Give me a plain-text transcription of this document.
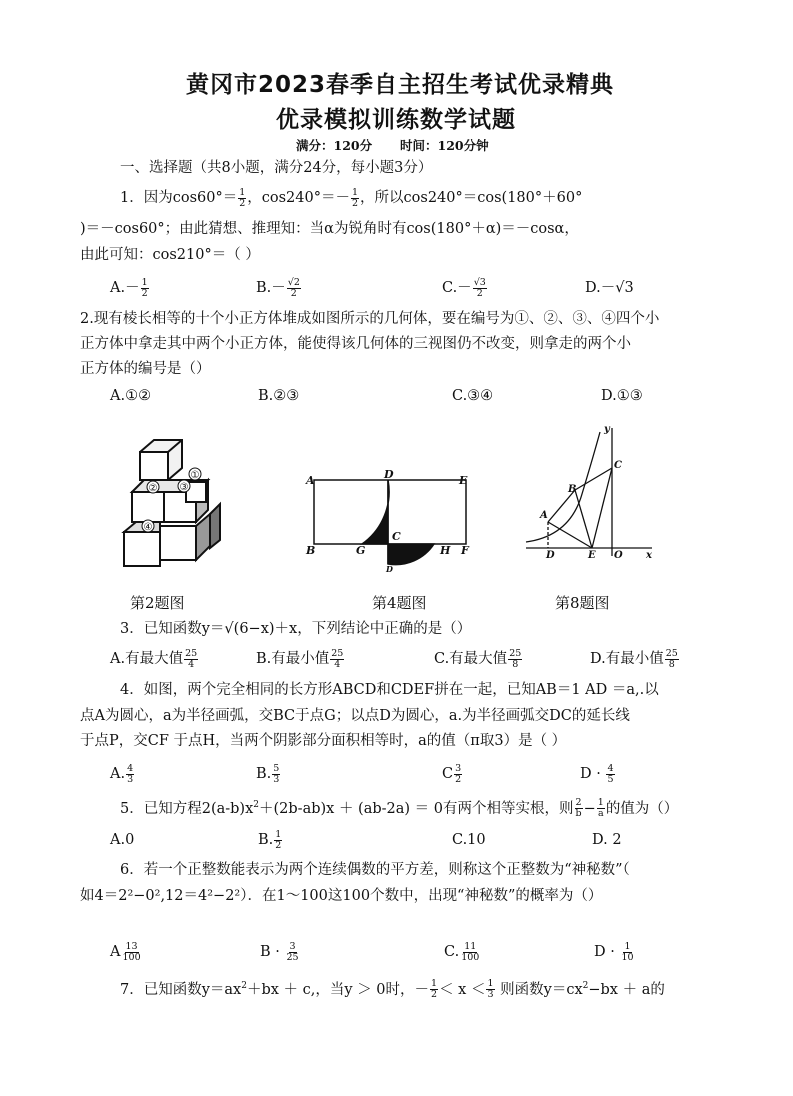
黄冈市2023春季自主招生考试优录精典
优录模拟训练数学试题
满分：120分 时间：120分钟
一、选择题（共8小题，满分24分，每小题3分）
1．因为$\cos 60^\circ= \frac{1}{2}$ ，$\cos 240^\circ=- \frac{1}{2}$ ，所以cos240°＝cos(180°＋60°
)＝－cos60°；由此猜想、推理知：当α为锐角时有cos(180°＋α)＝－cosα，
由此可知：cos210°＝（ ）
$A.- \frac{1}{2}$	$B.- \frac{√2}{2}$	$C.- \frac{√3}{2}$	D.－√3
2.现有棱长相等的十个小正方体堆成如图所示的几何体，要在编号为①、②、③、④四个小
正方体中拿走其中两个小正方体，能使得该几何体的三视图仍不改变，则拿走的两个小
正方体的编号是（）
A.①②	B.②③	C.③④	D.①③
①
② ③
④
A	D	E
B	G
C
H F
D
y
C
B
A
D	E O x
第2题图	第4题图	第8题图
3．已知函数y＝√(6−x)＋x，下列结论中正确的是（）
A.有最大值 $\frac{25}{4}$	B.有最小值 $\frac{25}{4}$	C.有最大值 $\frac{25}{8}$	D.有最小值 $\frac{25}{8}$
4．如图，两个完全相同的长方形ABCD和CDEF拼在一起，已知AB＝1 AD ＝a,.以
点A为圆心，a为半径画弧，交BC于点G；以点D为圆心，a.为半径画弧交DC的延长线
于点P，交CF 于点H，当两个阴影部分面积相等时，a的值（π取3）是（ ）
A. $\frac{4}{3}$	B. $\frac{5}{3}$	C $\frac{3}{2}$	$D \cdot \frac{4}{5}$
5．已知方程$2(a-b)x^2+(2b-ab)x + (ab-2a) = 0$有两个相等实根，则 $\frac{2}{b} - \frac{1}{a}$ 的值为（）
A.0	B. $\frac{1}{2}$	C.10	D. 2
6．若一个正整数能表示为两个连续偶数的平方差，则称这个正整数为“神秘数”（
如4＝2²−0²,12＝4²−2²）．在1～100这100个数中，出现“神秘数”的概率为（）
A $\frac{13}{100}$	$B \cdot \frac{3}{25}$	C. $\frac{11}{100}$	$D \cdot \frac{1}{10}$
7．已知函数$y=ax^2+bx + c$,，当y ＞ 0时，－ $\frac{1}{2} < x < \frac{1}{3}$ 则函数$y=cx^2-bx + a$的
